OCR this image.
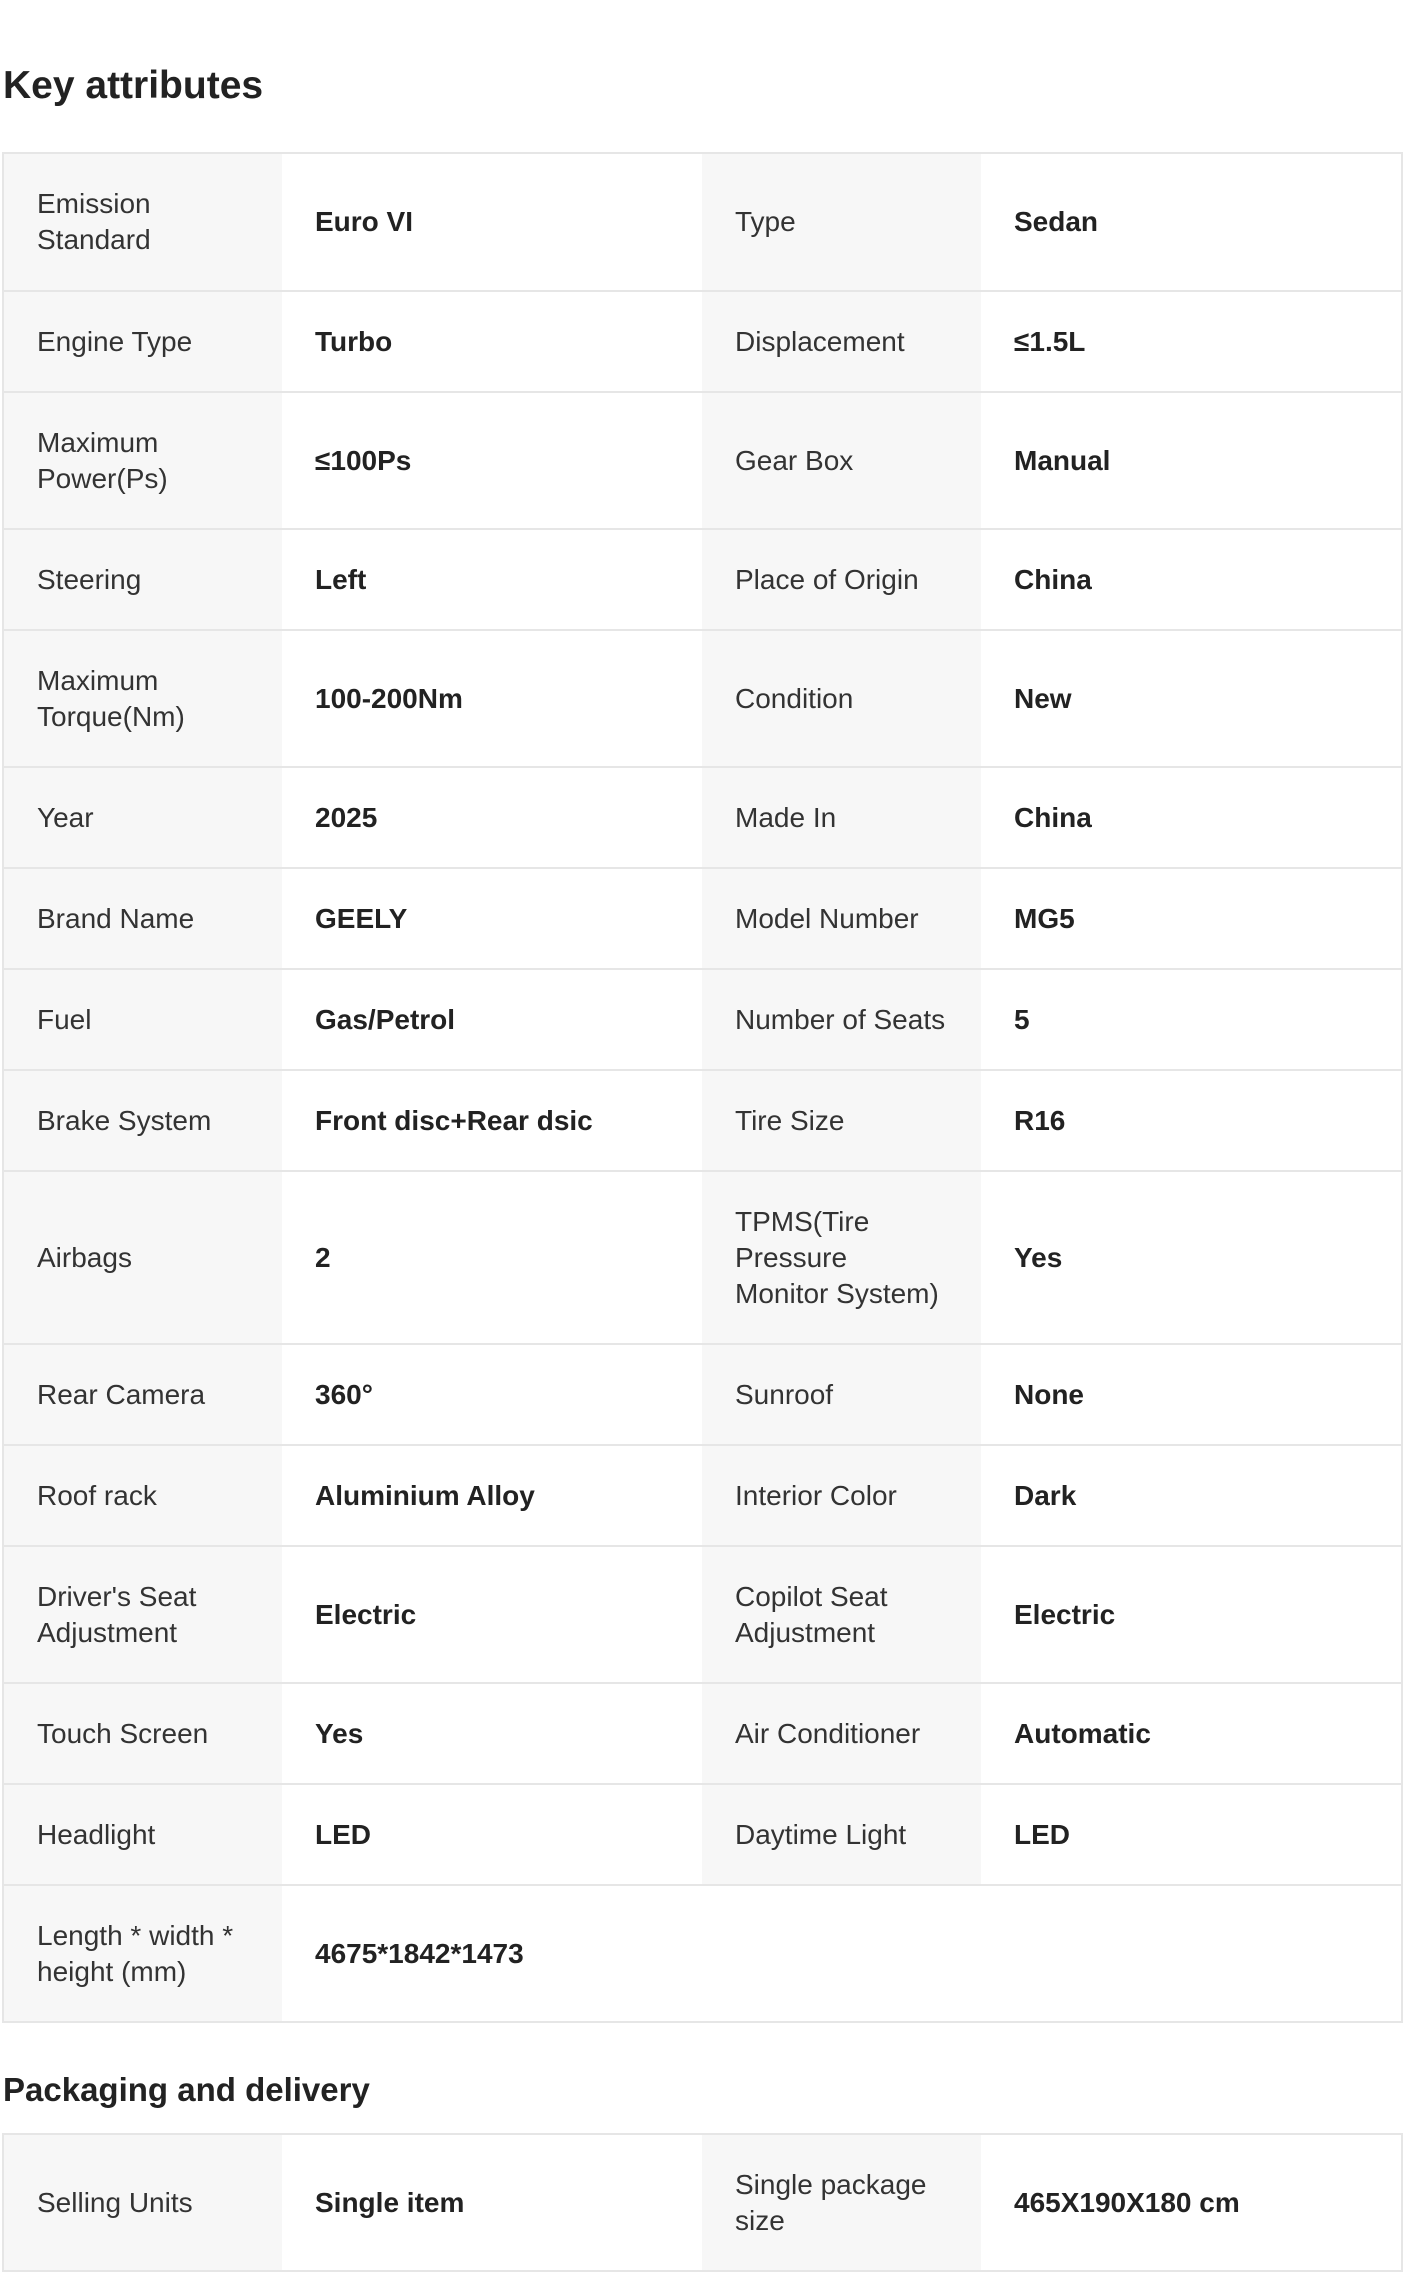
Key attributes
Emission Standard	Euro VI	Type	Sedan
Engine Type	Turbo	Displacement	≤1.5L
Maximum Power(Ps)	≤100Ps	Gear Box	Manual
Steering	Left	Place of Origin	China
Maximum Torque(Nm)	100-200Nm	Condition	New
Year	2025	Made In	China
Brand Name	GEELY	Model Number	MG5
Fuel	Gas/Petrol	Number of Seats	5
Brake System	Front disc+Rear dsic	Tire Size	R16
Airbags	2	TPMS(Tire Pressure Monitor System)	Yes
Rear Camera	360°	Sunroof	None
Roof rack	Aluminium Alloy	Interior Color	Dark
Driver's Seat Adjustment	Electric	Copilot Seat Adjustment	Electric
Touch Screen	Yes	Air Conditioner	Automatic
Headlight	LED	Daytime Light	LED
Length * width * height (mm)	4675*1842*1473		
Packaging and delivery
Selling Units	Single item	Single package size	465X190X180 cm
